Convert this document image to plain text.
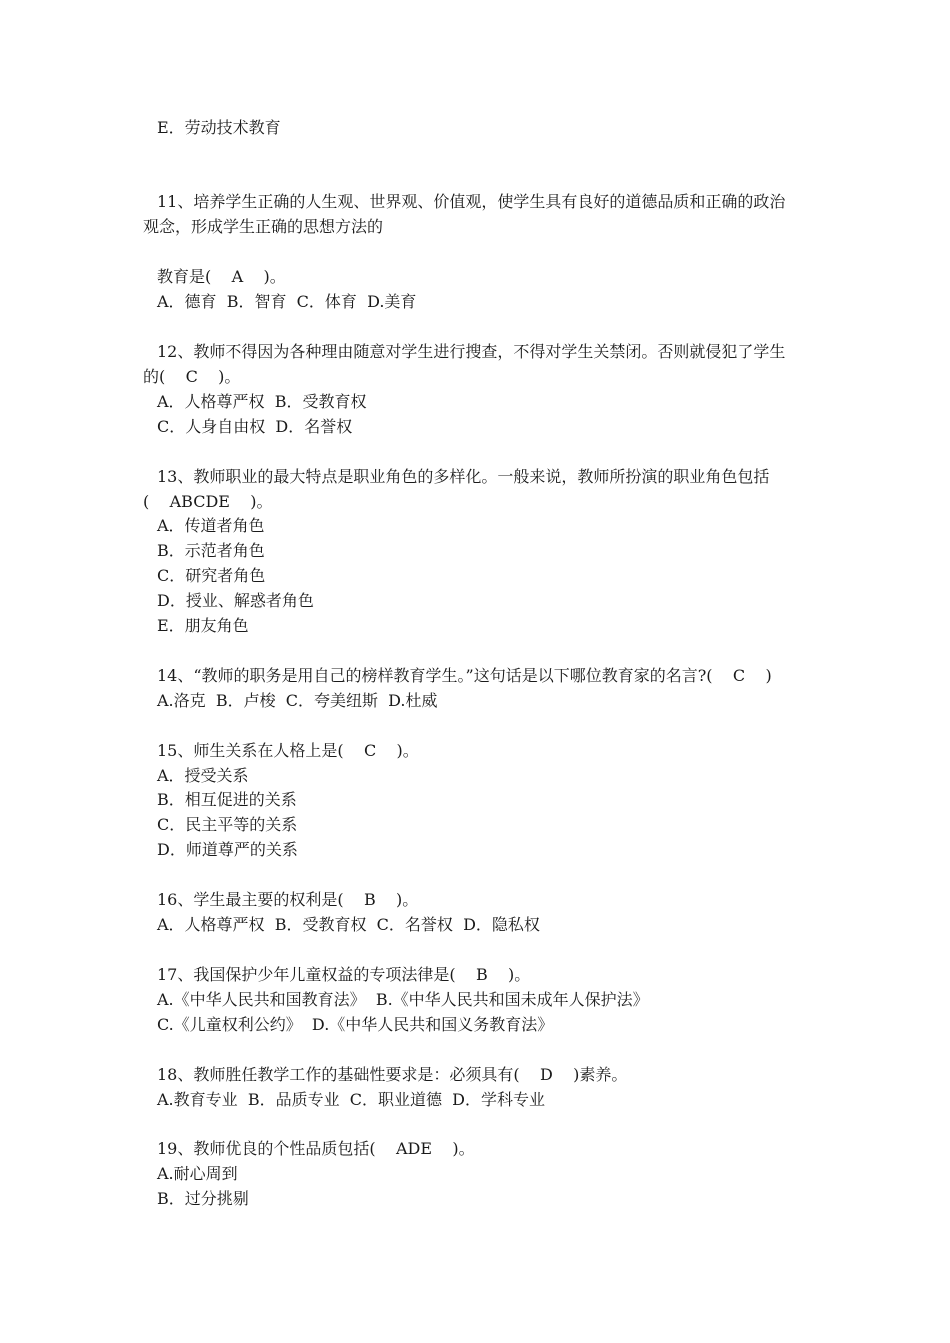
E．劳动技术教育
11、培养学生正确的人生观、世界观、价值观，使学生具有良好的道德品质和正确的政治
观念，形成学生正确的思想方法的
教育是(    A    )。
A．德育  B．智育  C．体育  D.美育
12、教师不得因为各种理由随意对学生进行搜查，不得对学生关禁闭。否则就侵犯了学生
的(    C    )。
A．人格尊严权  B．受教育权
C．人身自由权  D．名誉权
13、教师职业的最大特点是职业角色的多样化。一般来说，教师所扮演的职业角色包括
(    ABCDE    )。
A．传道者角色
B．示范者角色
C．研究者角色
D．授业、解惑者角色
E．朋友角色
14、“教师的职务是用自己的榜样教育学生。”这句话是以下哪位教育家的名言?(    C    )
A.洛克  B．卢梭  C．夸美纽斯  D.杜威
15、师生关系在人格上是(    C    )。
A．授受关系
B．相互促进的关系
C．民主平等的关系
D．师道尊严的关系
16、学生最主要的权利是(    B    )。
A．人格尊严权  B．受教育权  C．名誉权  D．隐私权
17、我国保护少年儿童权益的专项法律是(    B    )。
A.《中华人民共和国教育法》  B.《中华人民共和国未成年人保护法》
C.《儿童权利公约》  D.《中华人民共和国义务教育法》
18、教师胜任教学工作的基础性要求是：必须具有(    D    )素养。
A.教育专业  B．品质专业  C．职业道德  D．学科专业
19、教师优良的个性品质包括(    ADE    )。
A.耐心周到
B．过分挑剔
